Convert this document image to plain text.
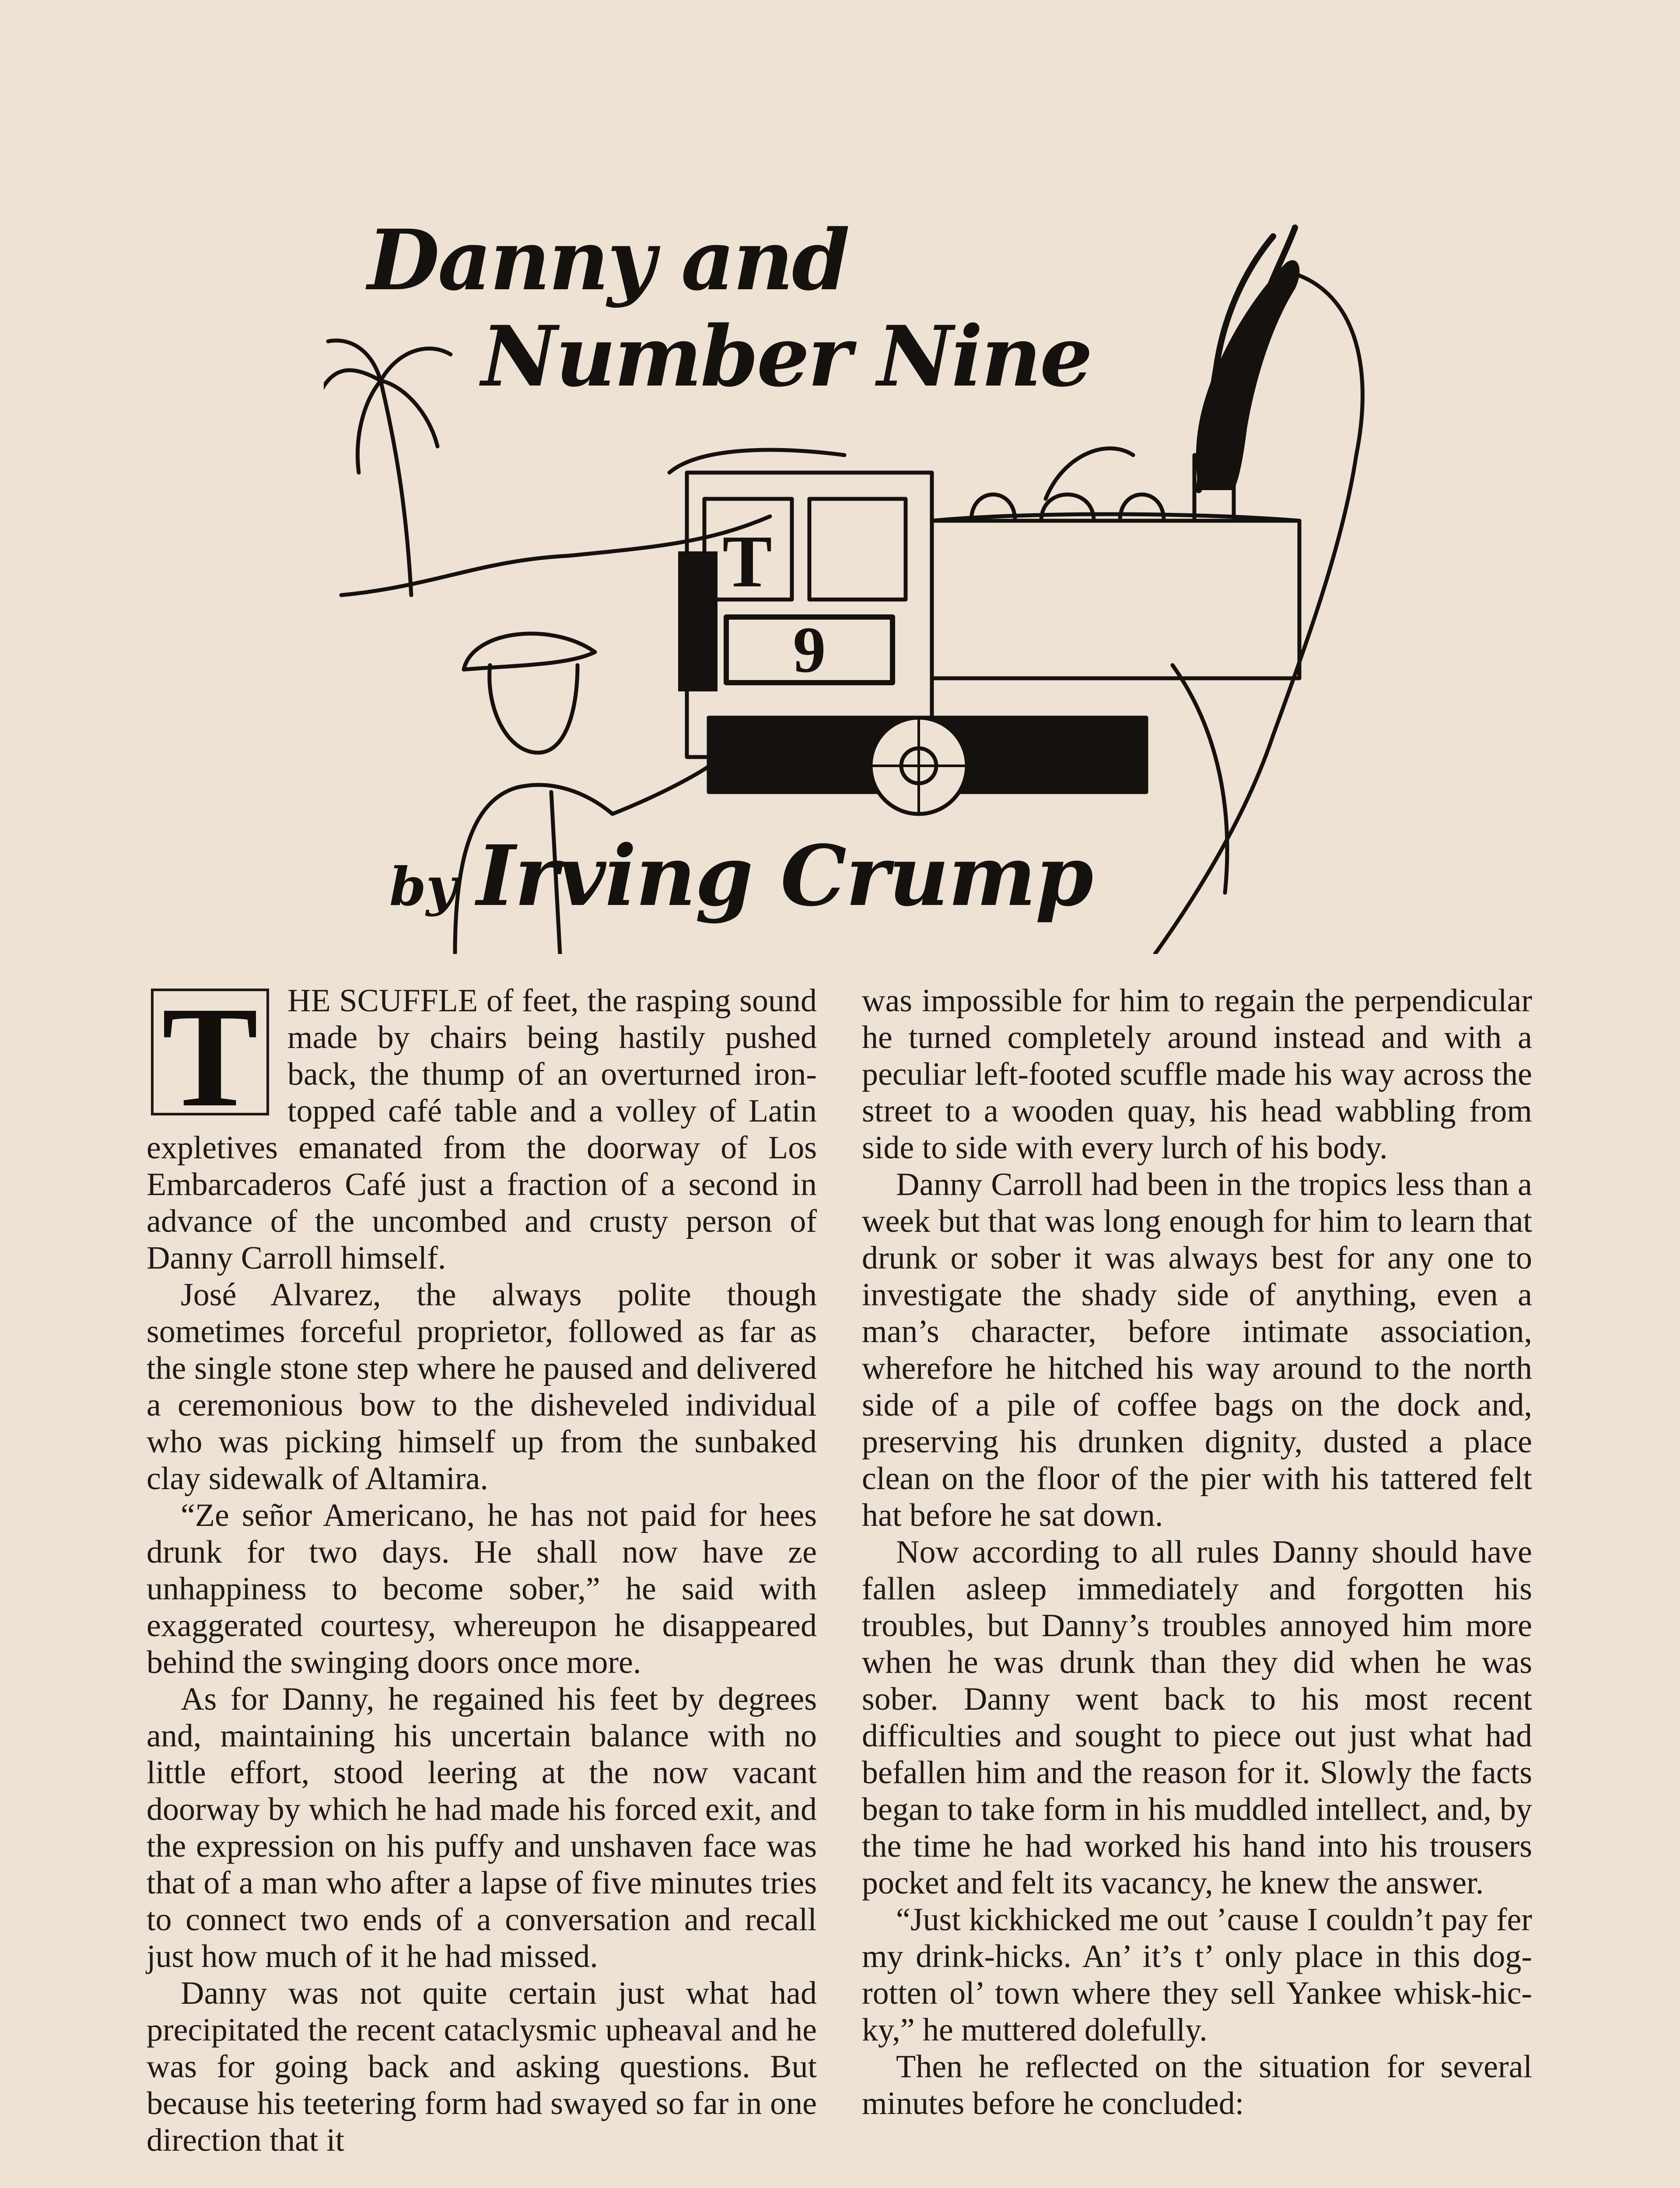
9
T
Danny and
Number Nine
by Irving Crump
T HE SCUFFLE of feet, the rasping sound made by chairs being hastily pushed back, the thump of an overturned iron-topped café table and a volley of Latin expletives emanated from the doorway of Los Embarcaderos Café just a fraction of a second in advance of the uncombed and crusty person of Danny Carroll himself.

José Alvarez, the always polite though sometimes forceful proprietor, followed as far as the single stone step where he paused and delivered a ceremonious bow to the disheveled individual who was picking himself up from the sunbaked clay sidewalk of Altamira.

“Ze señor Americano, he has not paid for hees drunk for two days. He shall now have ze unhappiness to become sober,” he said with exaggerated courtesy, whereupon he disappeared behind the swinging doors once more.

As for Danny, he regained his feet by degrees and, maintaining his uncertain balance with no little effort, stood leering at the now vacant doorway by which he had made his forced exit, and the expression on his puffy and unshaven face was that of a man who after a lapse of five minutes tries to connect two ends of a conversation and recall just how much of it he had missed.

Danny was not quite certain just what had precipitated the recent cataclysmic upheaval and he was for going back and asking questions. But because his teetering form had swayed so far in one direction that it

was impossible for him to regain the perpendicular he turned completely around instead and with a peculiar left-footed scuffle made his way across the street to a wooden quay, his head wabbling from side to side with every lurch of his body.

Danny Carroll had been in the tropics less than a week but that was long enough for him to learn that drunk or sober it was always best for any one to investigate the shady side of anything, even a man’s character, before intimate association, wherefore he hitched his way around to the north side of a pile of coffee bags on the dock and, preserving his drunken dignity, dusted a place clean on the floor of the pier with his tattered felt hat before he sat down.

Now according to all rules Danny should have fallen asleep immediately and forgotten his troubles, but Danny’s troubles annoyed him more when he was drunk than they did when he was sober. Danny went back to his most recent difficulties and sought to piece out just what had befallen him and the reason for it. Slowly the facts began to take form in his muddled intellect, and, by the time he had worked his hand into his trousers pocket and felt its vacancy, he knew the answer.

“Just kickhicked me out ’cause I couldn’t pay fer my drink-hicks. An’ it’s t’ only place in this dog-rotten ol’ town where they sell Yankee whisk-hic-ky,” he muttered dolefully.

Then he reflected on the situation for several minutes before he concluded:
